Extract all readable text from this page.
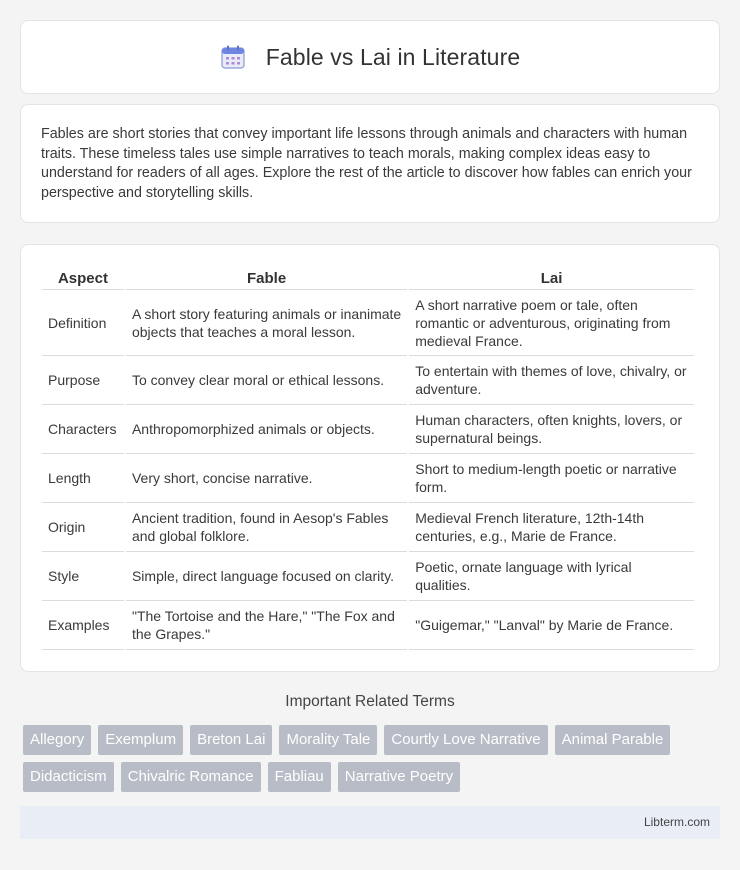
Fable vs Lai in Literature

Fables are short stories that convey important life lessons through animals and characters with human traits. These timeless tales use simple narratives to teach morals, making complex ideas easy to understand for readers of all ages. Explore the rest of the article to discover how fables can enrich your perspective and storytelling skills.

Aspect	Fable	Lai
Definition	A short story featuring animals or inanimate objects that teaches a moral lesson.	A short narrative poem or tale, often romantic or adventurous, originating from medieval France.
Purpose	To convey clear moral or ethical lessons.	To entertain with themes of love, chivalry, or adventure.
Characters	Anthropomorphized animals or objects.	Human characters, often knights, lovers, or supernatural beings.
Length	Very short, concise narrative.	Short to medium-length poetic or narrative form.
Origin	Ancient tradition, found in Aesop's Fables and global folklore.	Medieval French literature, 12th-14th centuries, e.g., Marie de France.
Style	Simple, direct language focused on clarity.	Poetic, ornate language with lyrical qualities.
Examples	"The Tortoise and the Hare," "The Fox and the Grapes."	"Guigemar," "Lanval" by Marie de France.
Important Related Terms
Allegory	Exemplum	Breton Lai	Morality Tale	Courtly Love Narrative	Animal Parable
Didacticism	Chivalric Romance	Fabliau	Narrative Poetry
Libterm.com
